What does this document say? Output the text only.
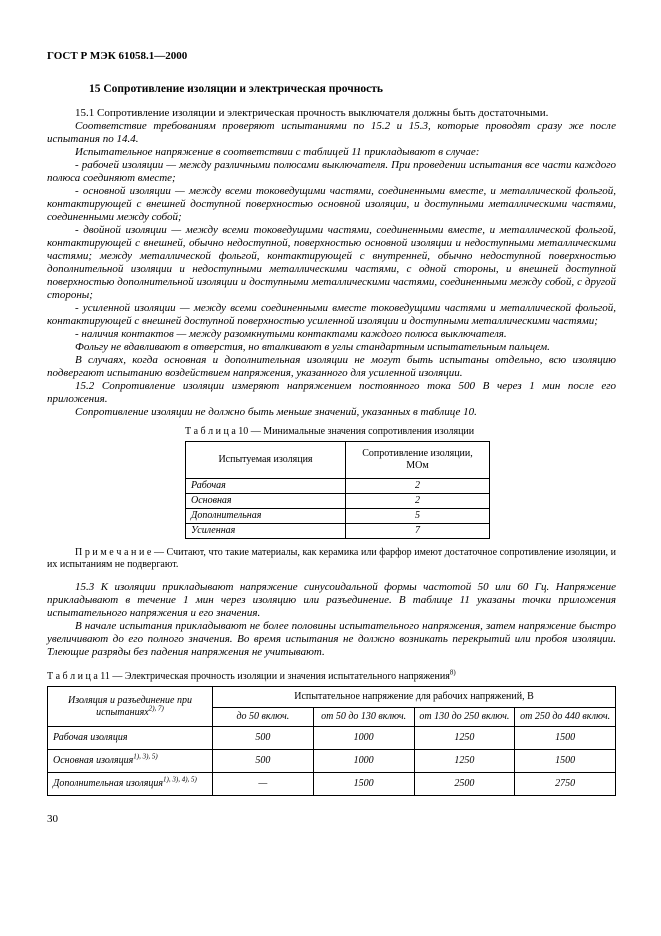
ГОСТ Р МЭК 61058.1—2000
15 Сопротивление изоляции и электрическая прочность

15.1 Сопротивление изоляции и электрическая прочность выключателя должны быть достаточными.

Соответствие требованиям проверяют испытаниями по 15.2 и 15.3, которые проводят сразу же после испытания по 14.4.

Испытательное напряжение в соответствии с таблицей 11 прикладывают в случае:

- рабочей изоляции — между различными полюсами выключателя. При проведении испытания все части каждого полюса соединяют вместе;

- основной изоляции — между всеми токоведущими частями, соединенными вместе, и металлической фольгой, контактирующей с внешней доступной поверхностью основной изоляции, и доступными металлическими частями, соединенными между собой;

- двойной изоляции — между всеми токоведущими частями, соединенными вместе, и металлической фольгой, контактирующей с внешней, обычно недоступной, поверхностью основной изоляции и недоступными металлическими частями; между металлической фольгой, контактирующей с внутренней, обычно недоступной поверхностью дополнительной изоляции и недоступными металлическими частями, с одной стороны, и внешней доступной поверхностью дополнительной изоляции и доступными металлическими частями, соединенными между собой, с другой стороны;

- усиленной изоляции — между всеми соединенными вместе токоведущими частями и металлической фольгой, контактирующей с внешней доступной поверхностью усиленной изоляции и доступными металлическими частями;

- наличия контактов — между разомкнутыми контактами каждого полюса выключателя.

Фольгу не вдавливают в отверстия, но вталкивают в углы стандартным испытательным пальцем.

В случаях, когда основная и дополнительная изоляции не могут быть испытаны отдельно, всю изоляцию подвергают испытанию воздействием напряжения, указанного для усиленной изоляции.

15.2 Сопротивление изоляции измеряют напряжением постоянного тока 500 В через 1 мин после его приложения.

Сопротивление изоляции не должно быть меньше значений, указанных в таблице 10.

Т а б л и ц а 10 — Минимальные значения сопротивления изоляции
Испытуемая изоляция	Сопротивление изоляции, МОм
Рабочая	2
Основная	2
Дополнительная	5
Усиленная	7
П р и м е ч а н и е — Считают, что такие материалы, как керамика или фарфор имеют достаточное сопротивление изоляции, и их испытаниям не подвергают.

15.3 К изоляции прикладывают напряжение синусоидальной формы частотой 50 или 60 Гц. Напряжение прикладывают в течение 1 мин через изоляцию или разъединение. В таблице 11 указаны точки приложения испытательного напряжения и его значения.

В начале испытания прикладывают не более половины испытательного напряжения, затем напряжение быстро увеличивают до его полного значения. Во время испытания не должно возникать перекрытий или пробоя изоляции. Тлеющие разряды без падения напряжения не учитывают.

Т а б л и ц а 11 — Электрическая прочность изоляции и значения испытательного напряжения$^{8)}$
Изоляция и разъединение при испытаниях$^{2), 7)}$	Испытательное напряжение для рабочих напряжений, В			
	до 50 включ.	от 50 до 130 включ.	от 130 до 250 включ.	от 250 до 440 включ.
Рабочая изоляция	500	1000	1250	1500
Основная изоляция$^{1), 3), 5)}$	500	1000	1250	1500
Дополнительная изоляция$^{1), 3), 4), 5)}$	—	1500	2500	2750
30
